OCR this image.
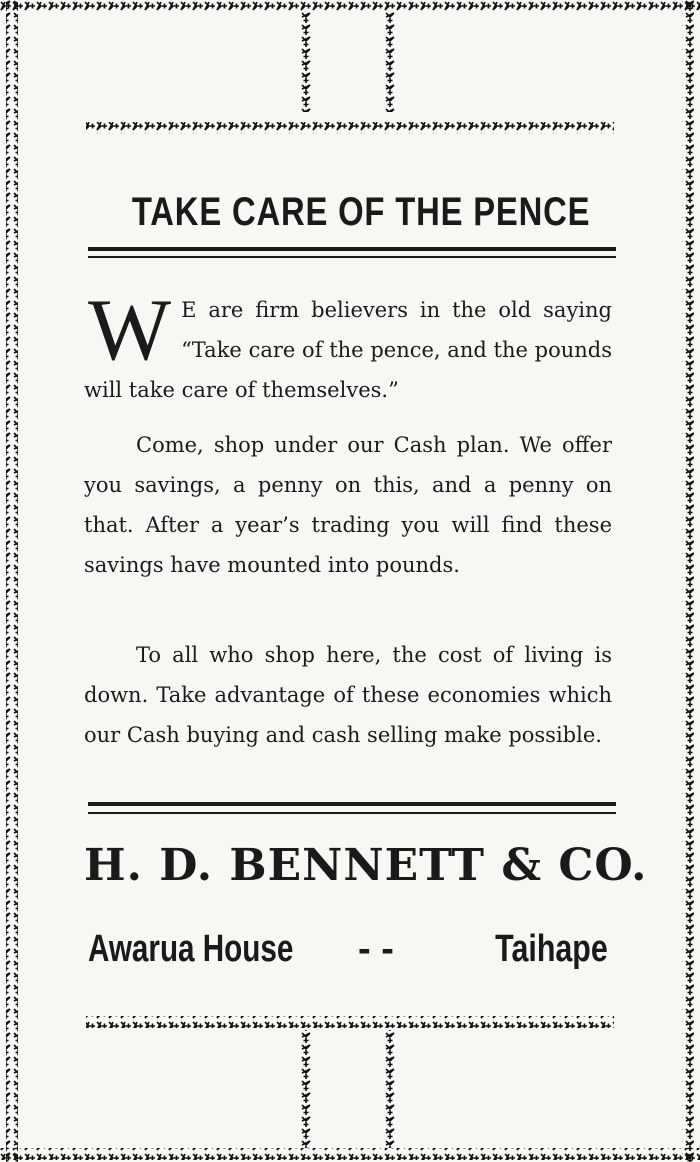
TAKE CARE OF THE PENCE
W E are firm believers in the old saying “Take care of the pence, and the pounds will take care of themselves.”
Come, shop under our Cash plan. We offer you savings, a penny on this, and a penny on that. After a year’s trading you will find these savings have mounted into pounds.
To all who shop here, the cost of living is down. Take advantage of these economies which our Cash buying and cash selling make possible.
H. D. BENNETT & CO.
Awarua House - -	Taihape
